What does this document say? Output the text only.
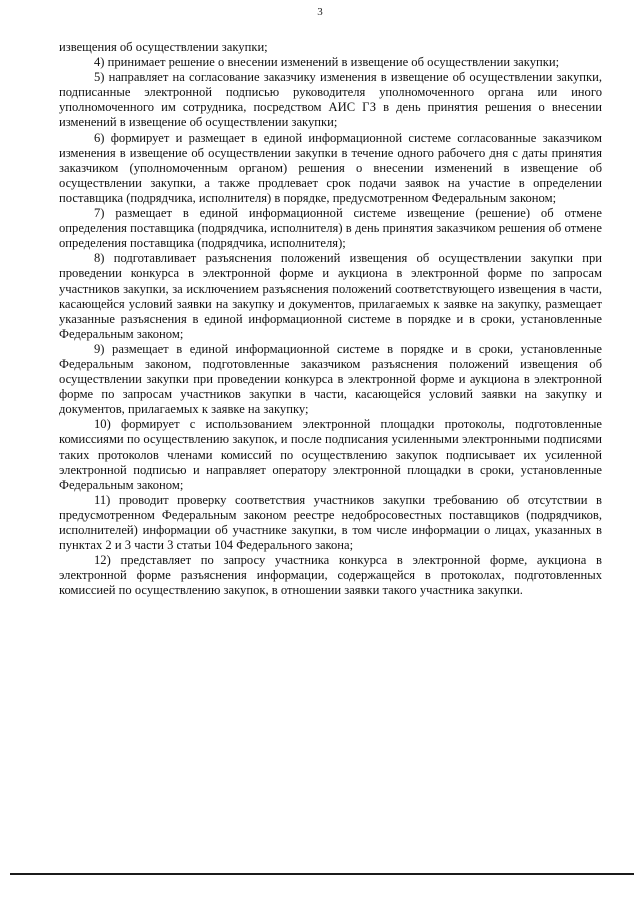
3

извещения об осуществлении закупки;

4) принимает решение о внесении изменений в извещение об осуществлении закупки;

5) направляет на согласование заказчику изменения в извещение об осуществлении закупки, подписанные электронной подписью руководителя уполномоченного органа или иного уполномоченного им сотрудника, посредством АИС ГЗ в день принятия решения о внесении изменений в извещение об осуществлении закупки;

6) формирует и размещает в единой информационной системе согласованные заказчиком изменения в извещение об осуществлении закупки в течение одного рабочего дня с даты принятия заказчиком (уполномоченным органом) решения о внесении изменений в извещение об осуществлении закупки, а также продлевает срок подачи заявок на участие в определении поставщика (подрядчика, исполнителя) в порядке, предусмотренном Федеральным законом;

7) размещает в единой информационной системе извещение (решение) об отмене определения поставщика (подрядчика, исполнителя) в день принятия заказчиком решения об отмене определения поставщика (подрядчика, исполнителя);

8) подготавливает разъяснения положений извещения об осуществлении закупки при проведении конкурса в электронной форме и аукциона в электронной форме по запросам участников закупки, за исключением разъяснения положений соответствующего извещения в части, касающейся условий заявки на закупку и документов, прилагаемых к заявке на закупку, размещает указанные разъяснения в единой информационной системе в порядке и в сроки, установленные Федеральным законом;

9) размещает в единой информационной системе в порядке и в сроки, установленные Федеральным законом, подготовленные заказчиком разъяснения положений извещения об осуществлении закупки при проведении конкурса в электронной форме и аукциона в электронной форме по запросам участников закупки в части, касающейся условий заявки на закупку и документов, прилагаемых к заявке на закупку;

10) формирует с использованием электронной площадки протоколы, подготовленные комиссиями по осуществлению закупок, и после подписания усиленными электронными подписями таких протоколов членами комиссий по осуществлению закупок подписывает их усиленной электронной подписью и направляет оператору электронной площадки в сроки, установленные Федеральным законом;

11) проводит проверку соответствия участников закупки требованию об отсутствии в предусмотренном Федеральным законом реестре недобросовестных поставщиков (подрядчиков, исполнителей) информации об участнике закупки, в том числе информации о лицах, указанных в пунктах 2 и 3 части 3 статьи 104 Федерального закона;

12) представляет по запросу участника конкурса в электронной форме, аукциона в электронной форме разъяснения информации, содержащейся в протоколах, подготовленных комиссией по осуществлению закупок, в отношении заявки такого участника закупки.
